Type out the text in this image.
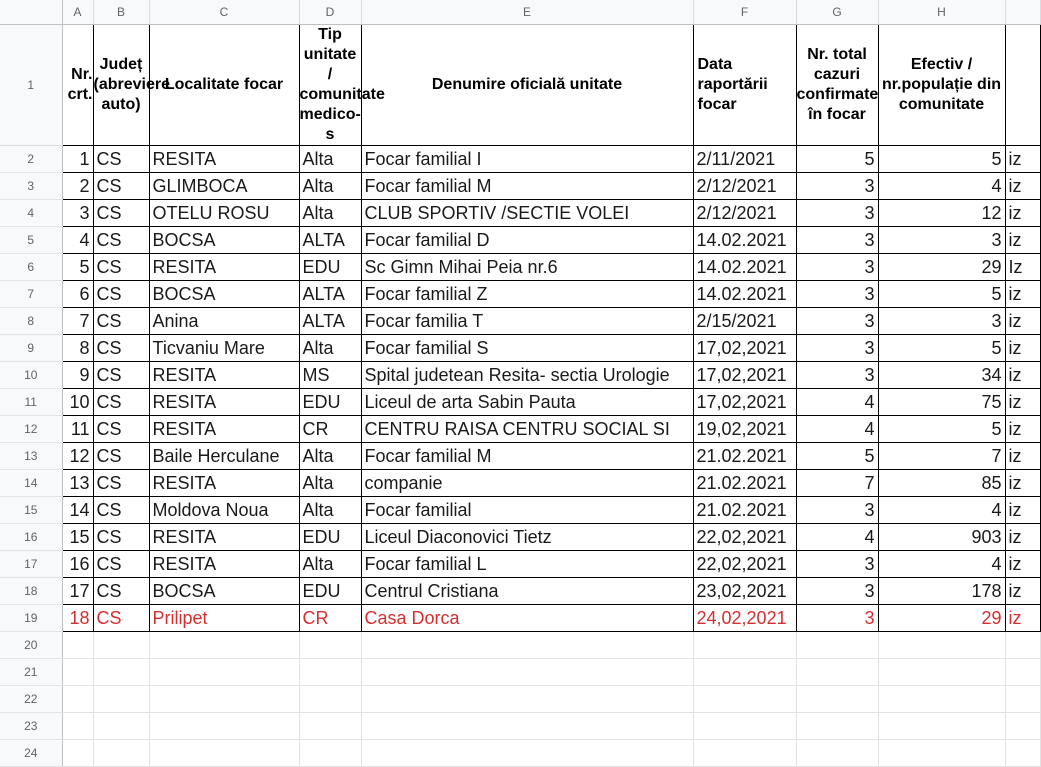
	A	B	C	D	E	F	G	H	
1	Nr. crt.	Județ (abreviere auto)	Localitate focar	Tip unitate / comunitate medico-s	Denumire oficială unitate	Data raportării focar	Nr. total cazuri confirmate în focar	Efectiv / nr.populație din comunitate	
2	1	CS	RESITA	Alta	Focar familial I	2/11/2021	5	5	iz
3	2	CS	GLIMBOCA	Alta	Focar familial M	2/12/2021	3	4	iz
4	3	CS	OTELU ROSU	Alta	CLUB SPORTIV /SECTIE VOLEI	2/12/2021	3	12	iz
5	4	CS	BOCSA	ALTA	Focar familial D	14.02.2021	3	3	iz
6	5	CS	RESITA	EDU	Sc Gimn Mihai Peia nr.6	14.02.2021	3	29	Iz
7	6	CS	BOCSA	ALTA	Focar familial Z	14.02.2021	3	5	iz
8	7	CS	Anina	ALTA	Focar familia T	2/15/2021	3	3	iz
9	8	CS	Ticvaniu Mare	Alta	Focar familial S	17,02,2021	3	5	iz
10	9	CS	RESITA	MS	Spital judetean Resita- sectia Urologie	17,02,2021	3	34	iz
11	10	CS	RESITA	EDU	Liceul de arta Sabin Pauta	17,02,2021	4	75	iz
12	11	CS	RESITA	CR	CENTRU RAISA CENTRU SOCIAL SI	19,02,2021	4	5	iz
13	12	CS	Baile Herculane	Alta	Focar familial M	21.02.2021	5	7	iz
14	13	CS	RESITA	Alta	companie	21.02.2021	7	85	iz
15	14	CS	Moldova Noua	Alta	Focar familial	21.02.2021	3	4	iz
16	15	CS	RESITA	EDU	Liceul Diaconovici Tietz	22,02,2021	4	903	iz
17	16	CS	RESITA	Alta	Focar familial L	22,02,2021	3	4	iz
18	17	CS	BOCSA	EDU	Centrul Cristiana	23,02,2021	3	178	iz
19	18	CS	Prilipet	CR	Casa Dorca	24,02,2021	3	29	iz
20									
21									
22									
23									
24									
